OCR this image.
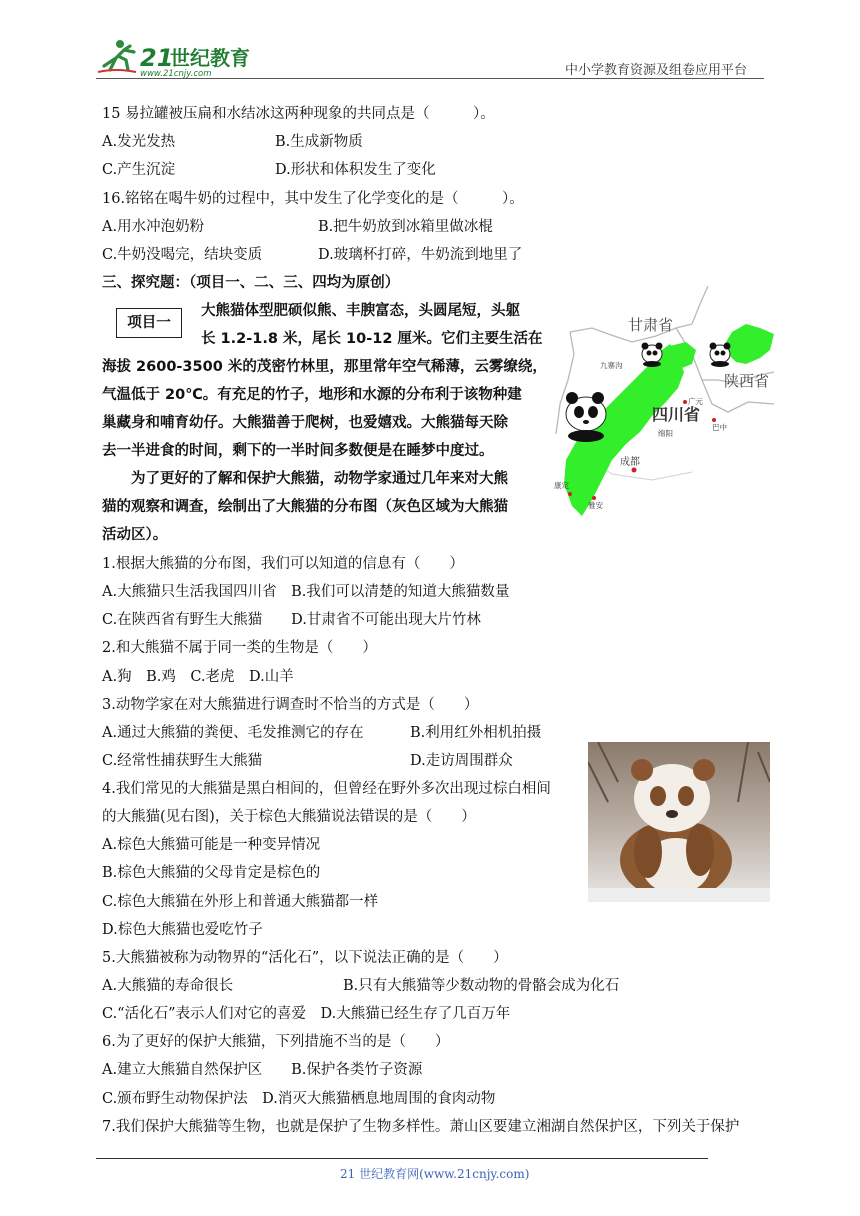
21
世纪教育
www.21cnjy.com	中小学教育资源及组卷应用平台
15 易拉罐被压扁和水结冰这两种现象的共同点是（　　　）。
A.发光发热	B.生成新物质
C.产生沉淀	D.形状和体积发生了变化
16.铭铭在喝牛奶的过程中，其中发生了化学变化的是（　　　）。
A.用水冲泡奶粉	B.把牛奶放到冰箱里做冰棍
C.牛奶没喝完，结块变质	D.玻璃杯打碎，牛奶流到地里了
三、探究题：（项目一、二、三、四均为原创）
项目一
大熊猫体型肥硕似熊、丰腴富态，头圆尾短，头躯
长 1.2-1.8 米，尾长 10-12 厘米。它们主要生活在
海拔 2600-3500 米的茂密竹林里，那里常年空气稀薄，云雾缭绕，
气温低于 20℃。有充足的竹子，地形和水源的分布利于该物种建
巢藏身和哺育幼仔。大熊猫善于爬树，也爱嬉戏。大熊猫每天除
去一半进食的时间，剩下的一半时间多数便是在睡梦中度过。
为了更好的了解和保护大熊猫，动物学家通过几年来对大熊
猫的观察和调查，绘制出了大熊猫的分布图（灰色区域为大熊猫
活动区）。
甘肃省
陕西省
四川省
成都
九寨沟
广元
绵阳
巴中
康定
雅安
1.根据大熊猫的分布图，我们可以知道的信息有（　　）
A.大熊猫只生活我国四川省　B.我们可以清楚的知道大熊猫数量
C.在陕西省有野生大熊猫　　D.甘肃省不可能出现大片竹林
2.和大熊猫不属于同一类的生物是（　　）
A.狗　B.鸡　C.老虎　D.山羊
3.动物学家在对大熊猫进行调查时不恰当的方式是（　　）
A.通过大熊猫的粪便、毛发推测它的存在	B.利用红外相机拍摄
C.经常性捕获野生大熊猫	D.走访周围群众
4.我们常见的大熊猫是黑白相间的，但曾经在野外多次出现过棕白相间
的大熊猫(见右图)，关于棕色大熊猫说法错误的是（　　）
A.棕色大熊猫可能是一种变异情况
B.棕色大熊猫的父母肯定是棕色的
C.棕色大熊猫在外形上和普通大熊猫都一样
D.棕色大熊猫也爱吃竹子
5.大熊猫被称为动物界的“活化石”，以下说法正确的是（　　）
A.大熊猫的寿命很长	B.只有大熊猫等少数动物的骨骼会成为化石
C.“活化石”表示人们对它的喜爱　D.大熊猫已经生存了几百万年
6.为了更好的保护大熊猫，下列措施不当的是（　　）
A.建立大熊猫自然保护区　　B.保护各类竹子资源
C.颁布野生动物保护法　D.消灭大熊猫栖息地周围的食肉动物
7.我们保护大熊猫等生物，也就是保护了生物多样性。萧山区要建立湘湖自然保护区，下列关于保护
21 世纪教育网(www.21cnjy.com)
